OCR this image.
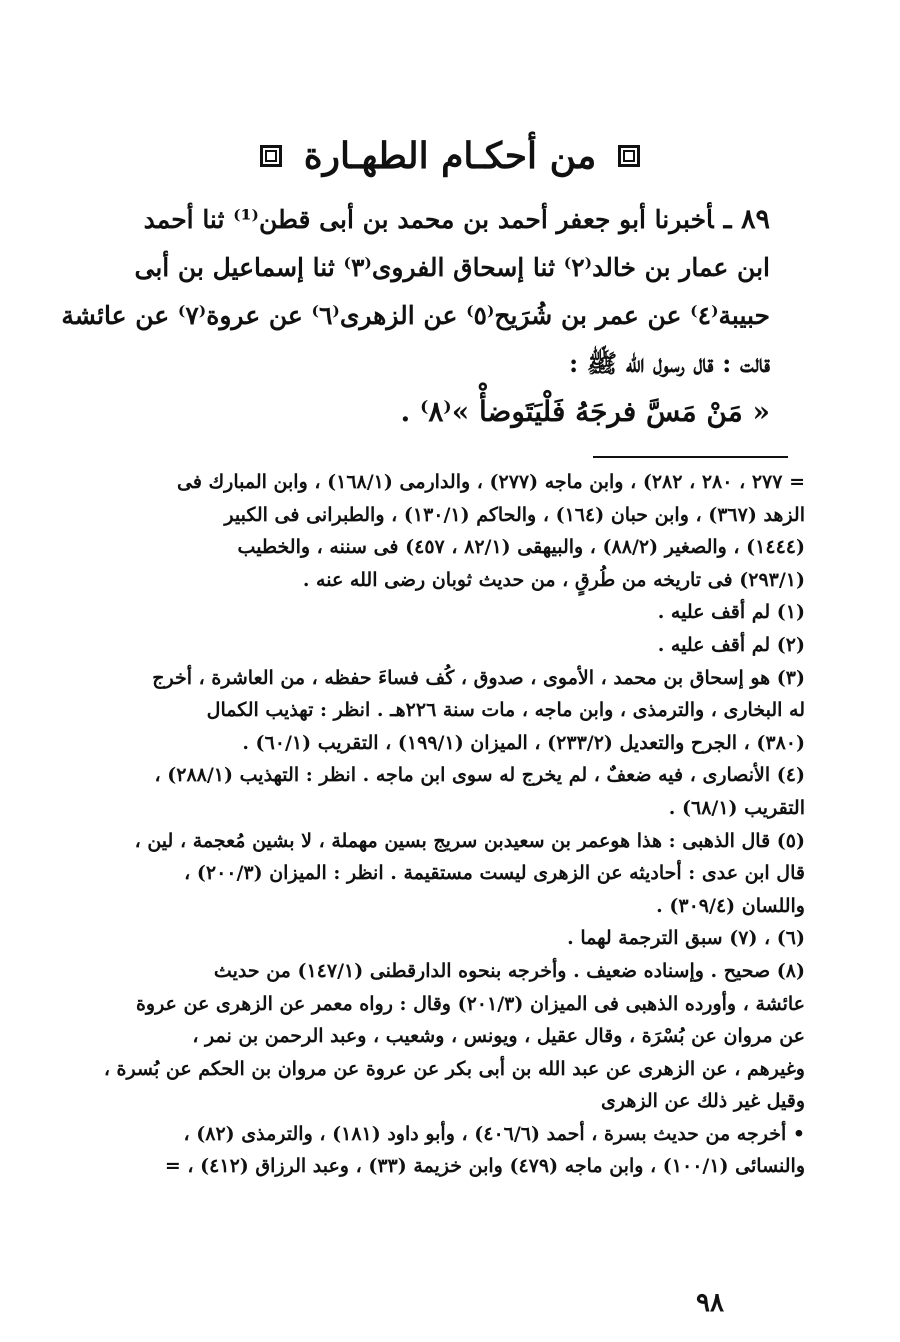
من أحكـام الطهـارة
٨٩ ـأخبرنا أبو جعفر أحمد بن محمد بن أبى قطن⁽¹⁾ ثنا أحمد
ابن عمار بن خالد⁽٢⁾ ثنا إسحاق الفروى⁽٣⁾ ثنا إسماعيل بن أبى
حبيبة⁽٤⁾ عن عمر بن شُرَيح⁽٥⁾ عن الزهرى⁽٦⁾ عن عروة⁽٧⁾ عن عائشة
قالت : قال رسول الله ﷺ :
« مَنْ مَسَّ فرجَهُ فَلْيَتَوضأْ »⁽٨⁾ .
= ٢٧٧ ، ٢٨٠ ، ٢٨٢) ، وابن ماجه (٢٧٧) ، والدارمى (١٦٨/١) ، وابن المبارك فى
الزهد (٣٦٧) ، وابن حبان (١٦٤) ، والحاكم (١٣٠/١) ، والطبرانى فى الكبير
(١٤٤٤) ، والصغير (٨٨/٢) ، والبيهقى (٨٢/١ ، ٤٥٧) فى سننه ، والخطيب
(٢٩٣/١) فى تاريخه من طُرقٍ ، من حديث ثوبان رضى الله عنه .
(١) لم أقف عليه .
(٢) لم أقف عليه .
(٣) هو إسحاق بن محمد ، الأموى ، صدوق ، كُف فساءَ حفظه ، من العاشرة ، أخرج
له البخارى ، والترمذى ، وابن ماجه ، مات سنة ٢٢٦هـ . انظر : تهذيب الكمال
(٣٨٠) ، الجرح والتعديل (٢٣٣/٢) ، الميزان (١٩٩/١) ، التقريب (٦٠/١) .
(٤) الأنصارى ، فيه ضعفٌ ، لم يخرج له سوى ابن ماجه . انظر : التهذيب (٢٨٨/١) ،
التقريب (٦٨/١) .
(٥) قال الذهبى : هذا هوعمر بن سعيدبن سريج بسين مهملة ، لا بشين مُعجمة ، لين ،
قال ابن عدى : أحاديثه عن الزهرى ليست مستقيمة . انظر : الميزان (٢٠٠/٣) ،
واللسان (٣٠٩/٤) .
(٦) ، (٧) سبق الترجمة لهما .
(٨) صحيح . وإسناده ضعيف . وأخرجه بنحوه الدارقطنى (١٤٧/١) من حديث
عائشة ، وأورده الذهبى فى الميزان (٢٠١/٣) وقال : رواه معمر عن الزهرى عن عروة
عن مروان عن بُسْرَة ، وقال عقيل ، ويونس ، وشعيب ، وعبد الرحمن بن نمر ،
وغيرهم ، عن الزهرى عن عبد الله بن أبى بكر عن عروة عن مروان بن الحكم عن بُسرة ،
وقيل غير ذلك عن الزهرى
• أخرجه من حديث بسرة ، أحمد (٤٠٦/٦) ، وأبو داود (١٨١) ، والترمذى (٨٢) ،
والنسائى (١٠٠/١) ، وابن ماجه (٤٧٩) وابن خزيمة (٣٣) ، وعبد الرزاق (٤١٢) ، =
٩٨
